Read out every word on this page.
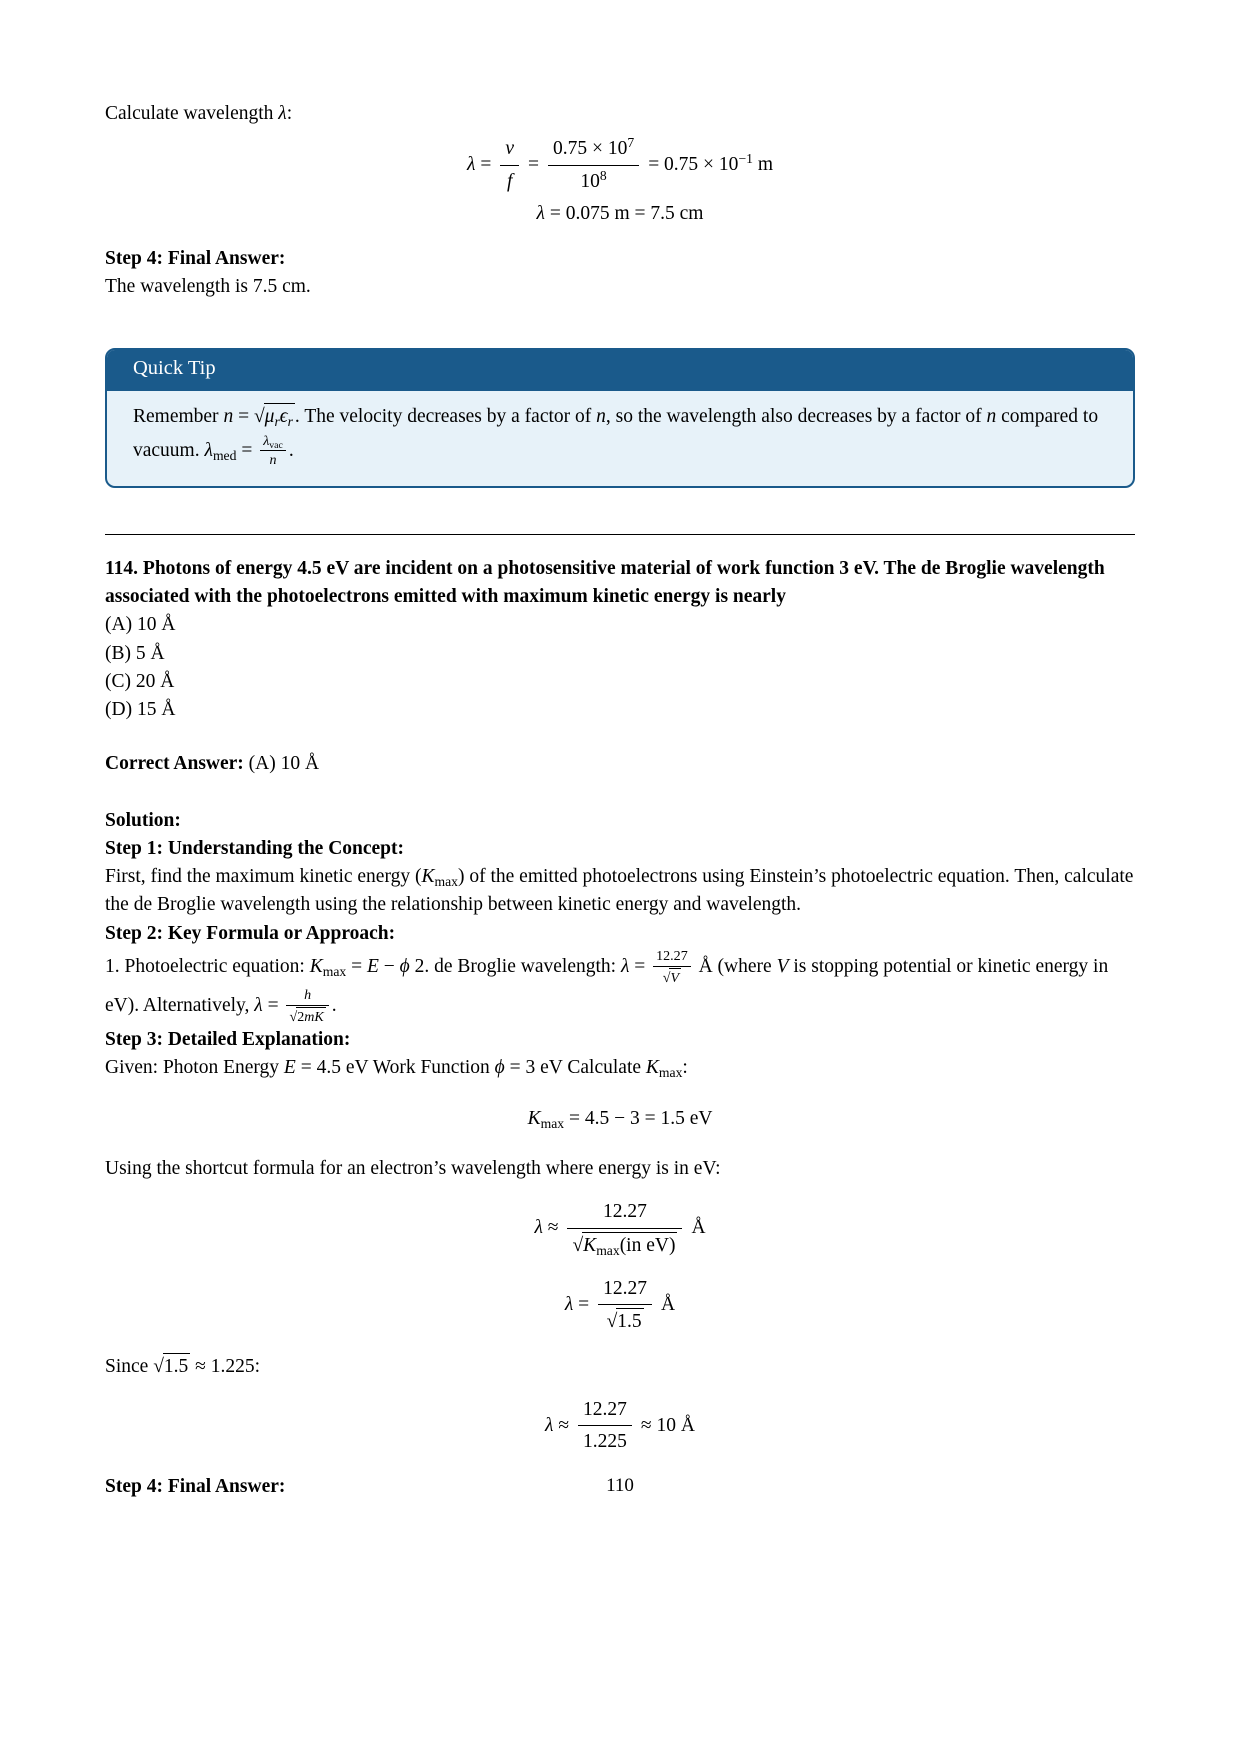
Calculate wavelength λ:

$\lambda = \frac{v}{f} = \frac{0.75 \times 10^7}{10^8} = 0.75 \times 10^{-1}$ m
λ = 0.075 m = 7.5 cm

Step 4: Final Answer:

The wavelength is 7.5 cm.

Quick Tip
Remember $n = √\mu_r\epsilon_r$ . The velocity decreases by a factor of n, so the wavelength also decreases by a factor of n compared to vacuum. $\lambda_{med} = \frac{\lambda_{vac}}{n}$ .

114. Photons of energy 4.5 eV are incident on a photosensitive material of work function 3 eV. The de Broglie wavelength associated with the photoelectrons emitted with maximum kinetic energy is nearly

(A) 10 Å
(B) 5 Å
(C) 20 Å
(D) 15 Å

Correct Answer: (A) 10 Å

Solution:

Step 1: Understanding the Concept:

First, find the maximum kinetic energy $(K_{max})$ of the emitted photoelectrons using Einstein’s photoelectric equation. Then, calculate the de Broglie wavelength using the relationship between kinetic energy and wavelength.

Step 2: Key Formula or Approach:

1. Photoelectric equation: $K_{max} = E - \phi$ 2. de Broglie wavelength: $\lambda = \frac{12.27}{√V}$ Å (where V is stopping potential or kinetic energy in eV). Alternatively, $\lambda = \frac{h}{√2mK}$ .

Step 3: Detailed Explanation:

Given: Photon Energy E = 4.5 eV Work Function ϕ = 3 eV Calculate $K_{max}$:

$K_{max} = 4.5 - 3 = 1.5$ eV

Using the shortcut formula for an electron’s wavelength where energy is in eV:

$\lambda \approx \frac{12.27}{√K_{max}(in eV)}$ Å
$\lambda = \frac{12.27}{√1.5}$ Å

Since √1.5 ≈ 1.225:

$\lambda \approx \frac{12.27}{1.225} \approx 10$ Å

Step 4: Final Answer:	110
